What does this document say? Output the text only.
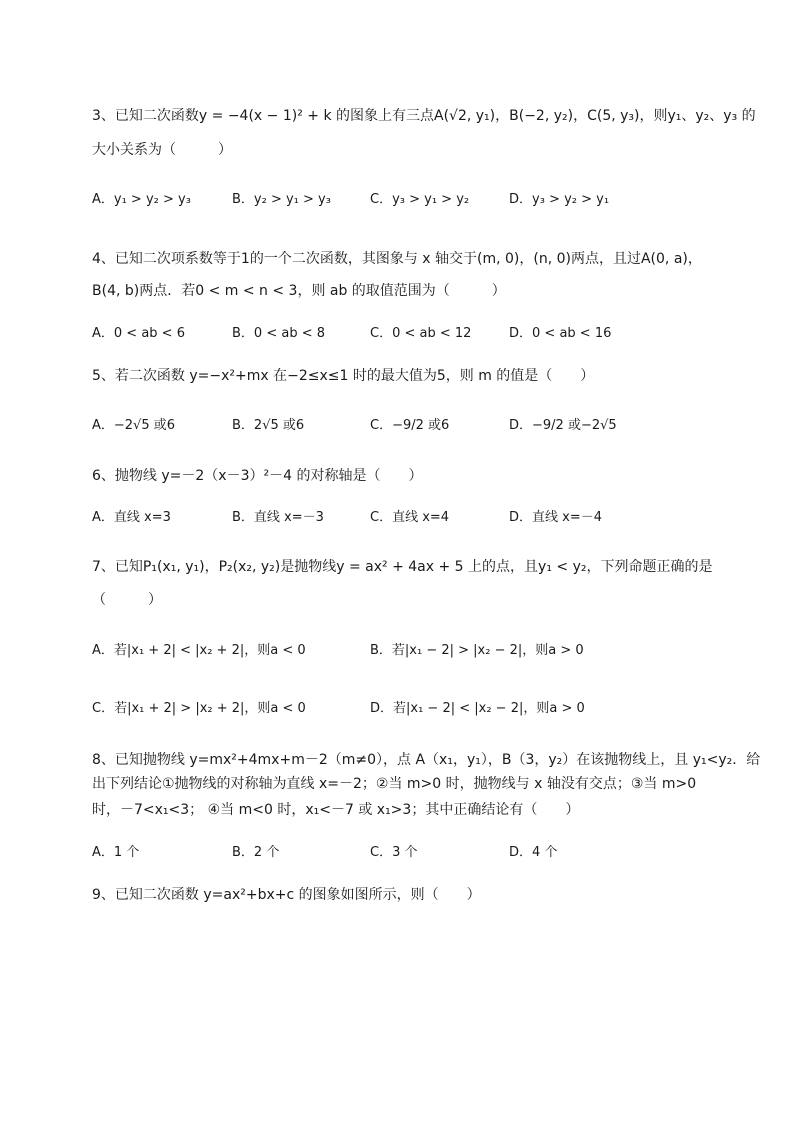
3、已知二次函数y = −4(x − 1)² + k 的图象上有三点A(√2, y₁)，B(−2, y₂)，C(5, y₃)，则y₁、y₂、y₃ 的
大小关系为（　　　）
A．y₁ > y₂ > y₃	B．y₂ > y₁ > y₃	C．y₃ > y₁ > y₂	D．y₃ > y₂ > y₁
4、已知二次项系数等于1的一个二次函数，其图象与 x 轴交于(m, 0)，(n, 0)两点，且过A(0, a)，
B(4, b)两点．若0 < m < n < 3，则 ab 的取值范围为（　　　）
A．0 < ab < 6	B．0 < ab < 8	C．0 < ab < 12	D．0 < ab < 16
5、若二次函数 y=−x²+mx 在−2≤x≤1 时的最大值为5，则 m 的值是（　　）
A．−2√5 或6	B．2√5 或6	C．−9/2 或6	D．−9/2 或−2√5
6、抛物线 y=－2（x－3）²－4 的对称轴是（　　）
A．直线 x=3	B．直线 x=－3	C．直线 x=4	D．直线 x=－4
7、已知P₁(x₁, y₁)，P₂(x₂, y₂)是抛物线y = ax² + 4ax + 5 上的点，且y₁ < y₂，下列命题正确的是
（　　　）
A．若|x₁ + 2| < |x₂ + 2|，则a < 0	B．若|x₁ − 2| > |x₂ − 2|，则a > 0
C．若|x₁ + 2| > |x₂ + 2|，则a < 0	D．若|x₁ − 2| < |x₂ − 2|，则a > 0
8、已知抛物线 y=mx²+4mx+m－2（m≠0），点 A（x₁，y₁），B（3，y₂）在该抛物线上，且 y₁<y₂．给
出下列结论①抛物线的对称轴为直线 x=－2；②当 m>0 时，抛物线与 x 轴没有交点；③当 m>0
时，－7<x₁<3； ④当 m<0 时，x₁<－7 或 x₁>3；其中正确结论有（　　）
A．1 个	B．2 个	C．3 个	D．4 个
9、已知二次函数 y=ax²+bx+c 的图象如图所示，则（　　）
